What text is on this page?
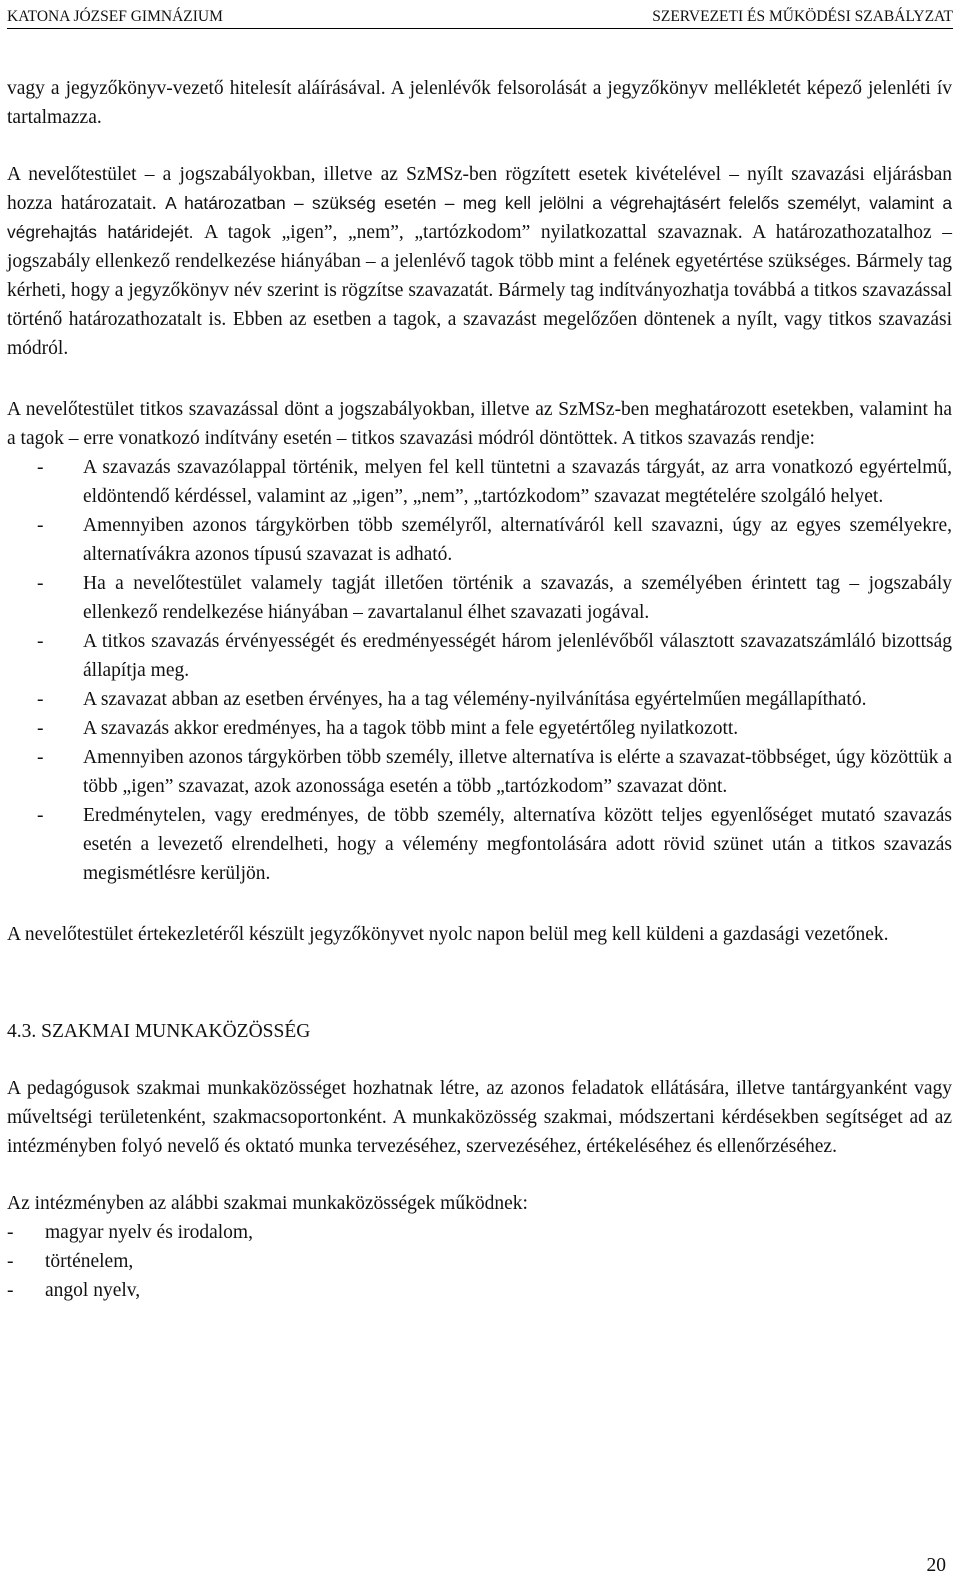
KATONA JÓZSEF GIMNÁZIUM	SZERVEZETI ÉS MŰKÖDÉSI SZABÁLYZAT

vagy a jegyzőkönyv-vezető hitelesít aláírásával. A jelenlévők felsorolását a jegyzőkönyv mellékletét képező jelenléti ív tartalmazza.

A nevelőtestület – a jogszabályokban, illetve az SzMSz-ben rögzített esetek kivételével – nyílt szavazási eljárásban hozza határozatait. A határozatban – szükség esetén – meg kell jelölni a végrehajtásért felelős személyt, valamint a végrehajtás határidejét. A tagok „igen”, „nem”, „tartózkodom” nyilatkozattal szavaznak. A határozathozatalhoz – jogszabály ellenkező rendelkezése hiányában – a jelenlévő tagok több mint a felének egyetértése szükséges. Bármely tag kérheti, hogy a jegyzőkönyv név szerint is rögzítse szavazatát. Bármely tag indítványozhatja továbbá a titkos szavazással történő határozathozatalt is. Ebben az esetben a tagok, a szavazást megelőzően döntenek a nyílt, vagy titkos szavazási módról.

A nevelőtestület titkos szavazással dönt a jogszabályokban, illetve az SzMSz-ben meghatározott esetekben, valamint ha a tagok – erre vonatkozó indítvány esetén – titkos szavazási módról döntöttek. A titkos szavazás rendje:

- A szavazás szavazólappal történik, melyen fel kell tüntetni a szavazás tárgyát, az arra vonatkozó egyértelmű, eldöntendő kérdéssel, valamint az „igen”, „nem”, „tartózkodom” szavazat megtételére szolgáló helyet.
- Amennyiben azonos tárgykörben több személyről, alternatíváról kell szavazni, úgy az egyes személyekre, alternatívákra azonos típusú szavazat is adható.
- Ha a nevelőtestület valamely tagját illetően történik a szavazás, a személyében érintett tag – jogszabály ellenkező rendelkezése hiányában – zavartalanul élhet szavazati jogával.
- A titkos szavazás érvényességét és eredményességét három jelenlévőből választott szavazatszámláló bizottság állapítja meg.
- A szavazat abban az esetben érvényes, ha a tag vélemény-nyilvánítása egyértelműen megállapítható.
- A szavazás akkor eredményes, ha a tagok több mint a fele egyetértőleg nyilatkozott.
- Amennyiben azonos tárgykörben több személy, illetve alternatíva is elérte a szavazat-többséget, úgy közöttük a több „igen” szavazat, azok azonossága esetén a több „tartózkodom” szavazat dönt.
- Eredménytelen, vagy eredményes, de több személy, alternatíva között teljes egyenlőséget mutató szavazás esetén a levezető elrendelheti, hogy a vélemény megfontolására adott rövid szünet után a titkos szavazás megismétlésre kerüljön.

A nevelőtestület értekezletéről készült jegyzőkönyvet nyolc napon belül meg kell küldeni a gazdasági vezetőnek.

4.3. SZAKMAI MUNKAKÖZÖSSÉG

A pedagógusok szakmai munkaközösséget hozhatnak létre, az azonos feladatok ellátására, illetve tantárgyanként vagy műveltségi területenként, szakmacsoportonként. A munkaközösség szakmai, módszertani kérdésekben segítséget ad az intézményben folyó nevelő és oktató munka tervezéséhez, szervezéséhez, értékeléséhez és ellenőrzéséhez.

Az intézményben az alábbi szakmai munkaközösségek működnek:

- magyar nyelv és irodalom,
- történelem,
- angol nyelv,
20
